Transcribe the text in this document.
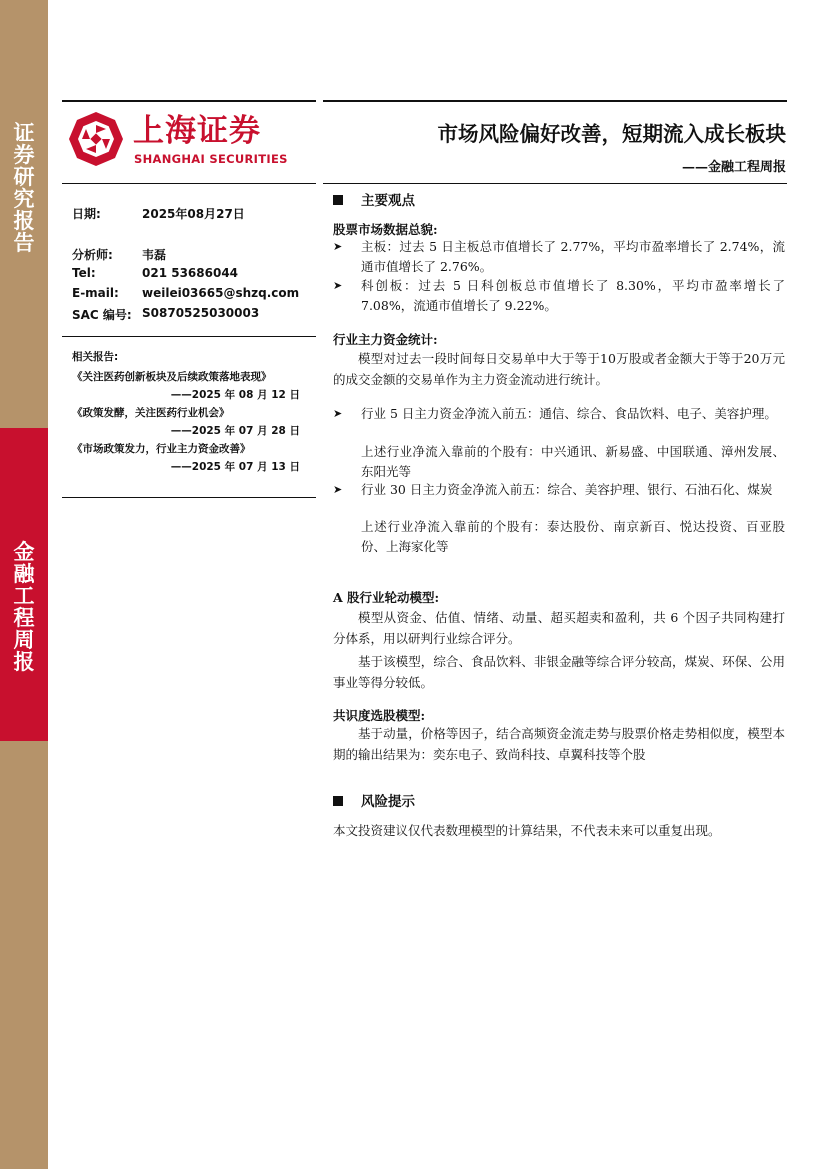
证
券
研
究
报
告
金
融
工
程
周
报
上海证券
SHANGHAI SECURITIES
市场风险偏好改善，短期流入成长板块
——金融工程周报
日期:	2025年08月27日
分析师: 韦磊
Tel:	021 53686044
E-mail: weilei03665@shzq.com
SAC 编号: S0870525030003
相关报告:
《关注医药创新板块及后续政策落地表现》
——2025 年 08 月 12 日
《政策发酵，关注医药行业机会》
——2025 年 07 月 28 日
《市场政策发力，行业主力资金改善》
——2025 年 07 月 13 日
主要观点
股票市场数据总貌:
➤ 主板：过去 5 日主板总市值增长了 2.77%，平均市盈率增长了 2.74%，流通市值增长了 2.76%。
➤ 科创板：过去 5 日科创板总市值增长了 8.30%，平均市盈率增长了 7.08%，流通市值增长了 9.22%。
行业主力资金统计:
模型对过去一段时间每日交易单中大于等于10万股或者金额大于等于20万元的成交金额的交易单作为主力资金流动进行统计。
➤ 行业 5 日主力资金净流入前五：通信、综合、食品饮料、电子、美容护理。
上述行业净流入靠前的个股有：中兴通讯、新易盛、中国联通、漳州发展、东阳光等
➤ 行业 30 日主力资金净流入前五：综合、美容护理、银行、石油石化、煤炭
上述行业净流入靠前的个股有：泰达股份、南京新百、悦达投资、百亚股份、上海家化等
A 股行业轮动模型:
模型从资金、估值、情绪、动量、超买超卖和盈利，共 6 个因子共同构建打分体系，用以研判行业综合评分。
基于该模型，综合、食品饮料、非银金融等综合评分较高，煤炭、环保、公用事业等得分较低。
共识度选股模型:
基于动量，价格等因子，结合高频资金流走势与股票价格走势相似度，模型本期的输出结果为：奕东电子、致尚科技、卓翼科技等个股
风险提示
本文投资建议仅代表数理模型的计算结果，不代表未来可以重复出现。
